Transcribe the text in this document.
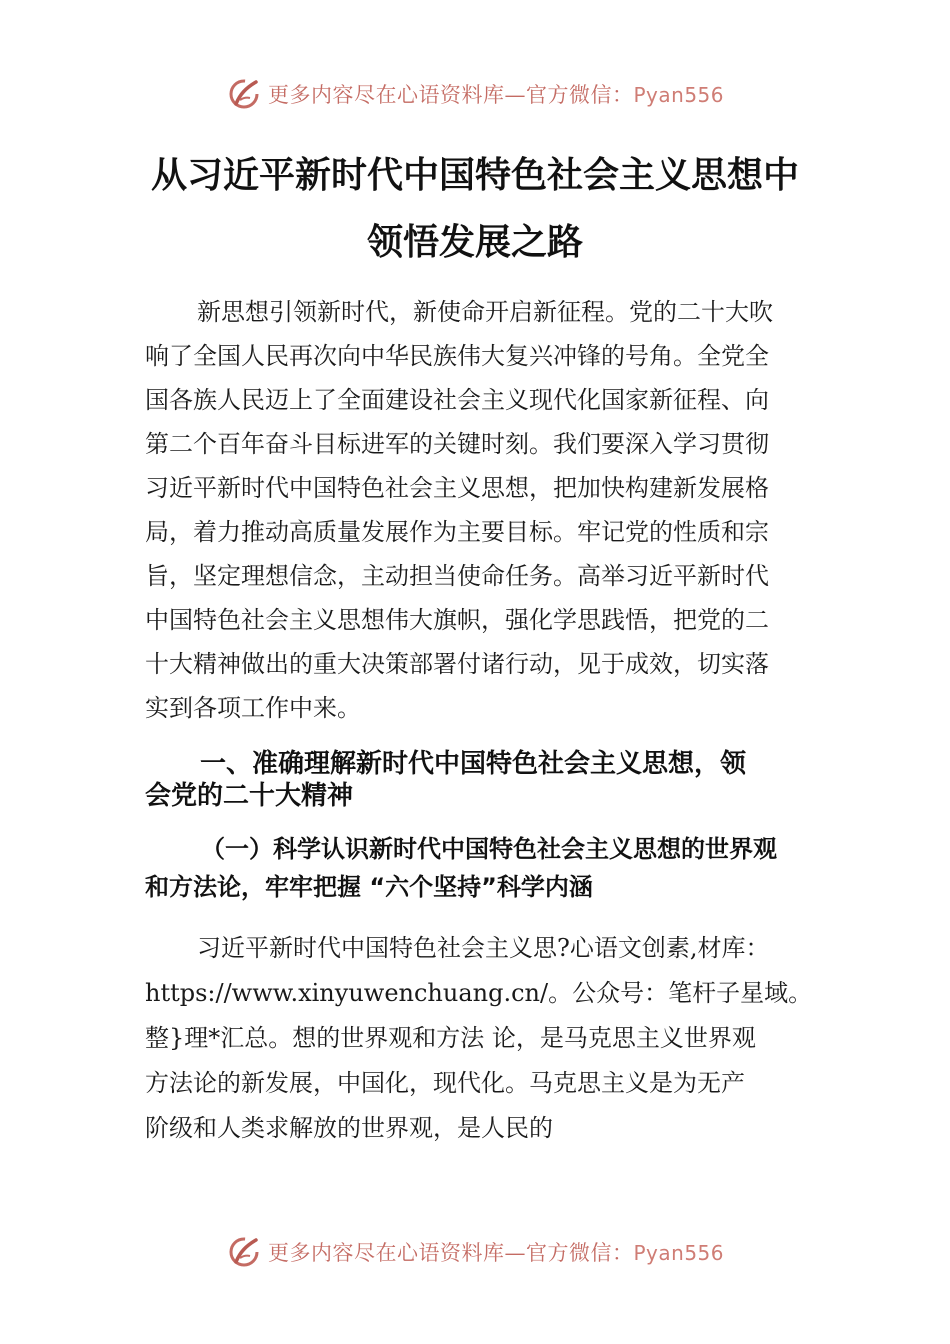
更多内容尽在心语资料库—官方微信：Pyan556
从习近平新时代中国特色社会主义思想中
领悟发展之路
新思想引领新时代，新使命开启新征程。党的二十大吹
响了全国人民再次向中华民族伟大复兴冲锋的号角。全党全
国各族人民迈上了全面建设社会主义现代化国家新征程、向
第二个百年奋斗目标进军的关键时刻。我们要深入学习贯彻
习近平新时代中国特色社会主义思想，把加快构建新发展格
局，着力推动高质量发展作为主要目标。牢记党的性质和宗
旨，坚定理想信念，主动担当使命任务。高举习近平新时代
中国特色社会主义思想伟大旗帜，强化学思践悟，把党的二
十大精神做出的重大决策部署付诸行动，见于成效，切实落
实到各项工作中来。
一、准确理解新时代中国特色社会主义思想，领
会党的二十大精神
（一）科学认识新时代中国特色社会主义思想的世界观
和方法论，牢牢把握 “六个坚持”科学内涵
习近平新时代中国特色社会主义思?心语文创素,材库：
https://www.xinyuwenchuang.cn/。公众号：笔杆子星域。
整}理*汇总。想的世界观和方法 论，是马克思主义世界观
方法论的新发展，中国化，现代化。马克思主义是为无产
阶级和人类求解放的世界观，是人民的
更多内容尽在心语资料库—官方微信：Pyan556
